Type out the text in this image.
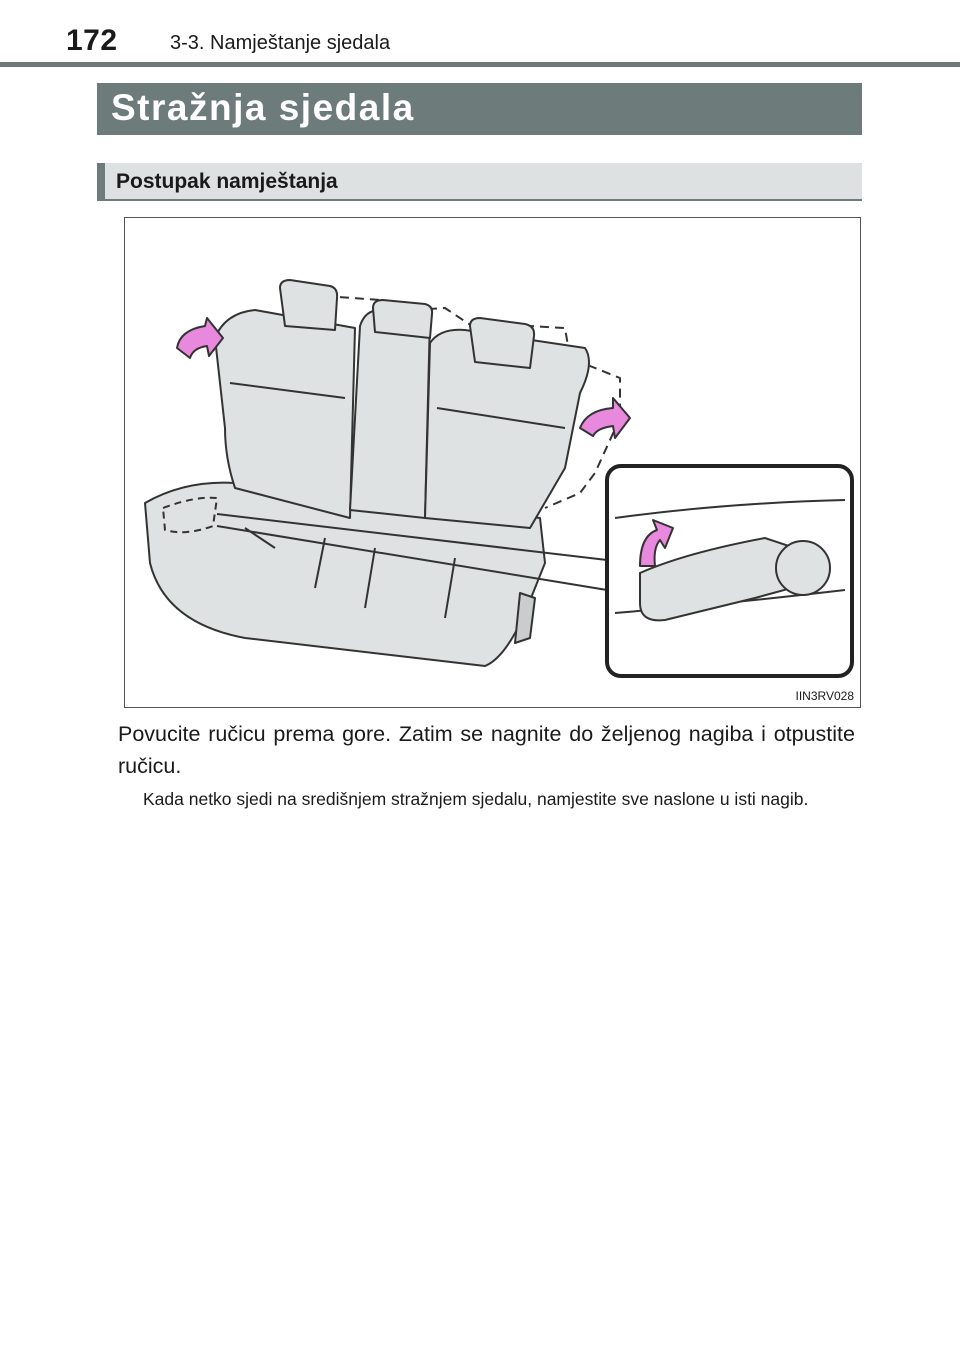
172	3-3. Namještanje sjedala
Stražnja sjedala
Postupak namještanja
IIN3RV028
Povucite ručicu prema gore. Zatim se nagnite do željenog nagiba i otpustite ručicu.
Kada netko sjedi na središnjem stražnjem sjedalu, namjestite sve naslone u isti nagib.
